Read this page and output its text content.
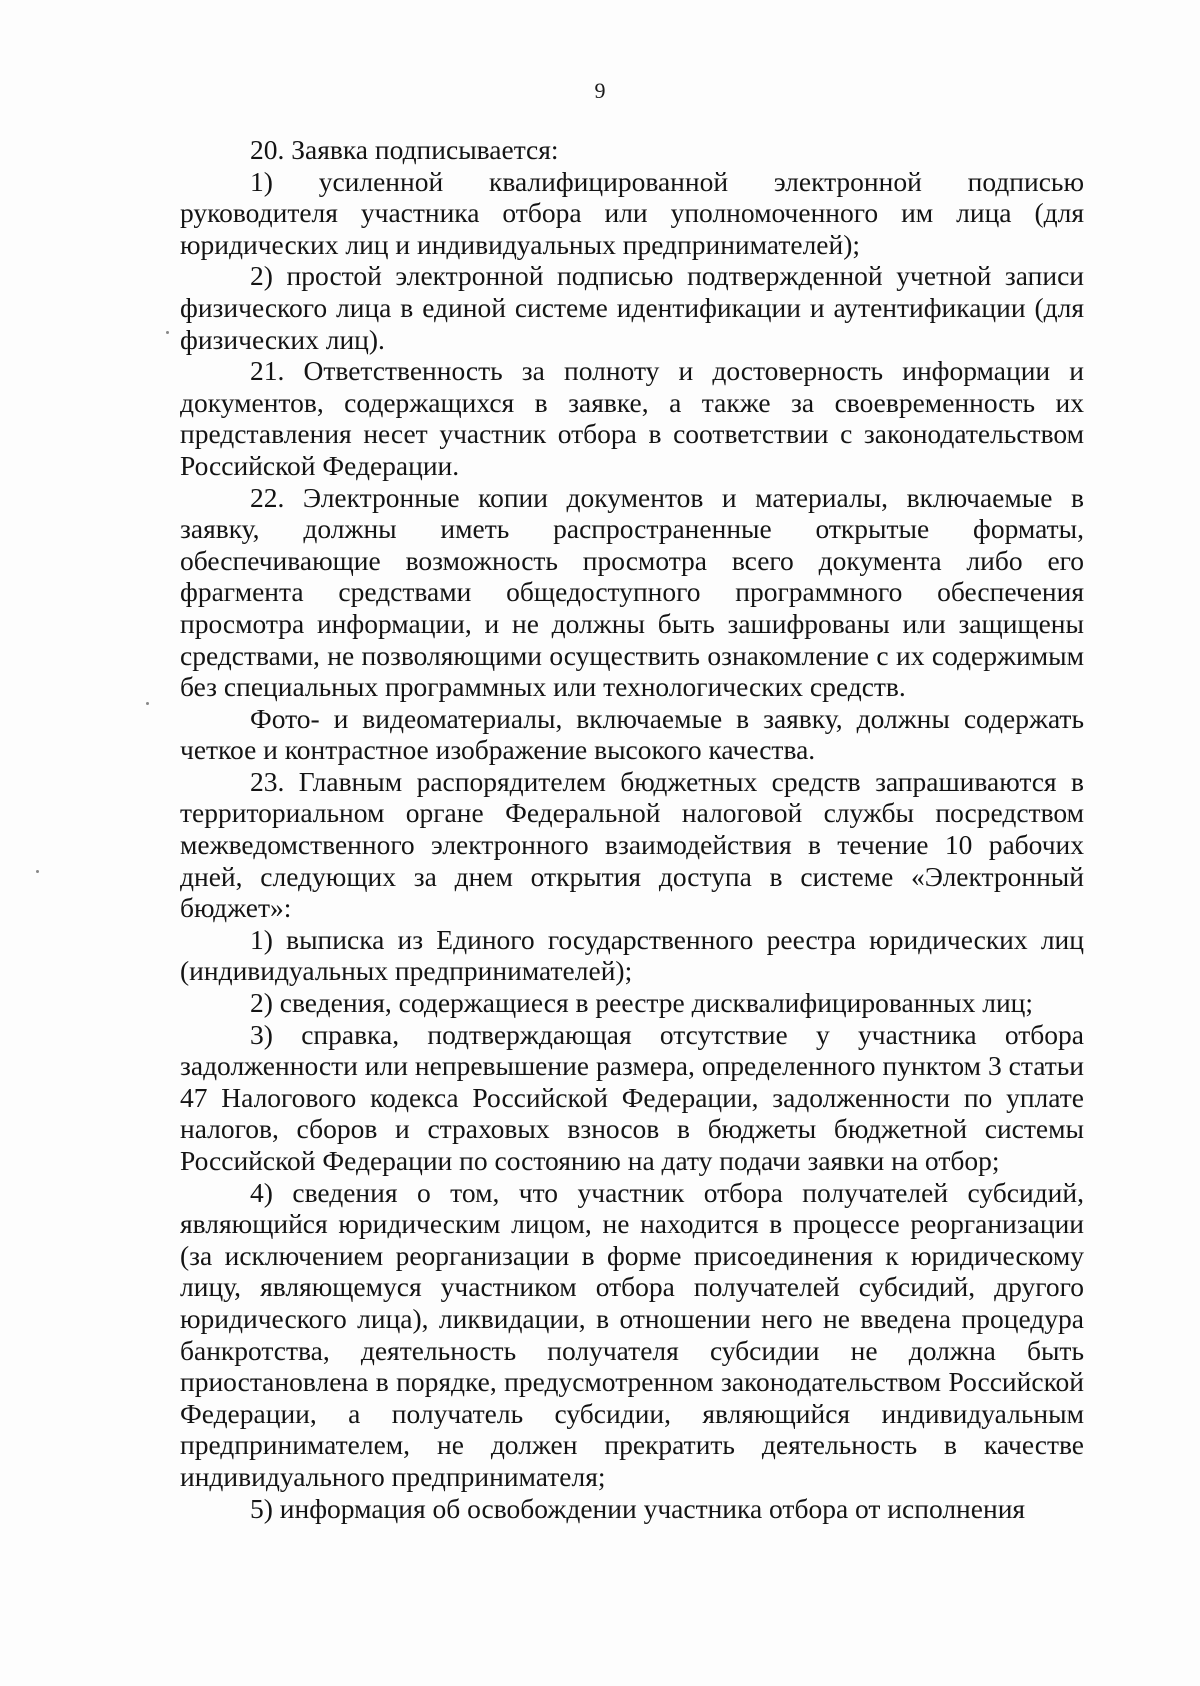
9

20. Заявка подписывается:

1) усиленной квалифицированной электронной подписью руководителя участника отбора или уполномоченного им лица (для юридических лиц и индивидуальных предпринимателей);

2) простой электронной подписью подтвержденной учетной записи физического лица в единой системе идентификации и аутентификации (для физических лиц).

21. Ответственность за полноту и достоверность информации и документов, содержащихся в заявке, а также за своевременность их представления несет участник отбора в соответствии с законодательством Российской Федерации.

22. Электронные копии документов и материалы, включаемые в заявку, должны иметь распространенные открытые форматы, обеспечивающие возможность просмотра всего документа либо его фрагмента средствами общедоступного программного обеспечения просмотра информации, и не должны быть зашифрованы или защищены средствами, не позволяющими осуществить ознакомление с их содержимым без специальных программных или технологических средств.

Фото- и видеоматериалы, включаемые в заявку, должны содержать четкое и контрастное изображение высокого качества.

23. Главным распорядителем бюджетных средств запрашиваются в территориальном органе Федеральной налоговой службы посредством межведомственного электронного взаимодействия в течение 10 рабочих дней, следующих за днем открытия доступа в системе «Электронный бюджет»:

1) выписка из Единого государственного реестра юридических лиц (индивидуальных предпринимателей);

2) сведения, содержащиеся в реестре дисквалифицированных лиц;

3) справка, подтверждающая отсутствие у участника отбора задолженности или непревышение размера, определенного пунктом 3 статьи 47 Налогового кодекса Российской Федерации, задолженности по уплате налогов, сборов и страховых взносов в бюджеты бюджетной системы Российской Федерации по состоянию на дату подачи заявки на отбор;

4) сведения о том, что участник отбора получателей субсидий, являющийся юридическим лицом, не находится в процессе реорганизации (за исключением реорганизации в форме присоединения к юридическому лицу, являющемуся участником отбора получателей субсидий, другого юридического лица), ликвидации, в отношении него не введена процедура банкротства, деятельность получателя субсидии не должна быть приостановлена в порядке, предусмотренном законодательством Российской Федерации, а получатель субсидии, являющийся индивидуальным предпринимателем, не должен прекратить деятельность в качестве индивидуального предпринимателя;

5) информация об освобождении участника отбора от исполнения
